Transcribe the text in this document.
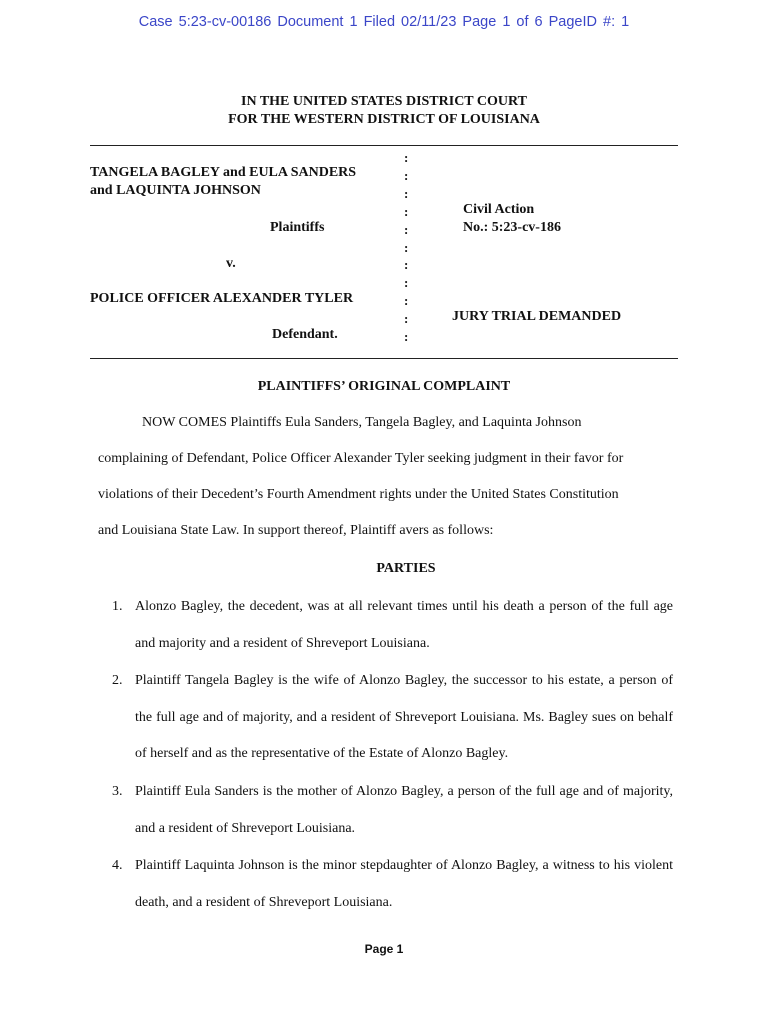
Case 5:23-cv-00186 Document 1 Filed 02/11/23 Page 1 of 6 PageID #: 1
IN THE UNITED STATES DISTRICT COURT
FOR THE WESTERN DISTRICT OF LOUISIANA
TANGELA BAGLEY and EULA SANDERS
and LAQUINTA JOHNSON
Plaintiffs
v.
POLICE OFFICER ALEXANDER TYLER
Defendant.
:
:
:
:
:
:
:
:
:
:
:
Civil Action
No.: 5:23-cv-186
JURY TRIAL DEMANDED
PLAINTIFFS’ ORIGINAL COMPLAINT
NOW COMES Plaintiffs Eula Sanders, Tangela Bagley, and Laquinta Johnson
complaining of Defendant, Police Officer Alexander Tyler seeking judgment in their favor for
violations of their Decedent’s Fourth Amendment rights under the United States Constitution
and Louisiana State Law. In support thereof, Plaintiff avers as follows:
PARTIES
1. Alonzo Bagley, the decedent, was at all relevant times until his death a person of the full age and majority and a resident of Shreveport Louisiana.
2. Plaintiff Tangela Bagley is the wife of Alonzo Bagley, the successor to his estate, a person of the full age and of majority, and a resident of Shreveport Louisiana. Ms. Bagley sues on behalf of herself and as the representative of the Estate of Alonzo Bagley.
3. Plaintiff Eula Sanders is the mother of Alonzo Bagley, a person of the full age and of majority, and a resident of Shreveport Louisiana.
4. Plaintiff Laquinta Johnson is the minor stepdaughter of Alonzo Bagley, a witness to his violent death, and a resident of Shreveport Louisiana.
Page 1
